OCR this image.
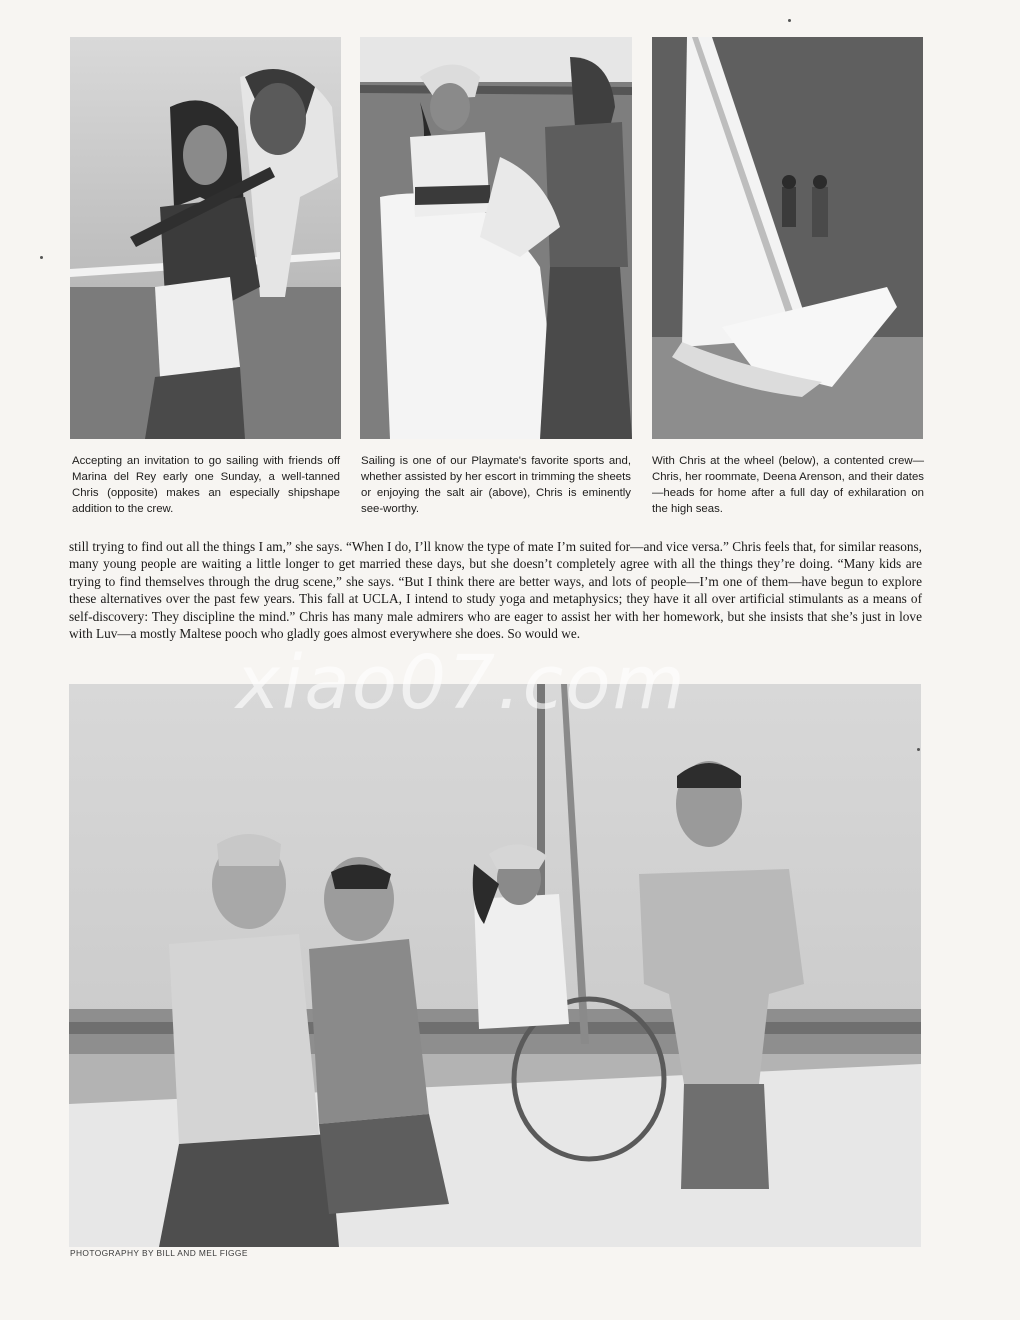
Accepting an invitation to go sailing with friends off Marina del Rey early one Sunday, a well-tanned Chris (opposite) makes an especially shipshape addition to the crew.

Sailing is one of our Playmate's favorite sports and, whether assisted by her escort in trimming the sheets or enjoying the salt air (above), Chris is eminently see-worthy.

With Chris at the wheel (below), a contented crew—Chris, her roommate, Deena Arenson, and their dates—heads for home after a full day of exhilaration on the high seas.

still trying to find out all the things I am,” she says. “When I do, I’ll know the type of mate I’m suited for—and vice versa.” Chris feels that, for similar reasons, many young people are waiting a little longer to get married these days, but she doesn’t completely agree with all the things they’re doing. “Many kids are trying to find themselves through the drug scene,” she says. “But I think there are better ways, and lots of people—I’m one of them—have begun to explore these alternatives over the past few years. This fall at UCLA, I intend to study yoga and metaphysics; they have it all over artificial stimulants as a means of self-discovery: They discipline the mind.” Chris has many male admirers who are eager to assist her with her homework, but she insists that she’s just in love with Luv—a mostly Maltese pooch who gladly goes almost everywhere she does. So would we.

PHOTOGRAPHY BY BILL AND MEL FIGGE

xiao07.com
